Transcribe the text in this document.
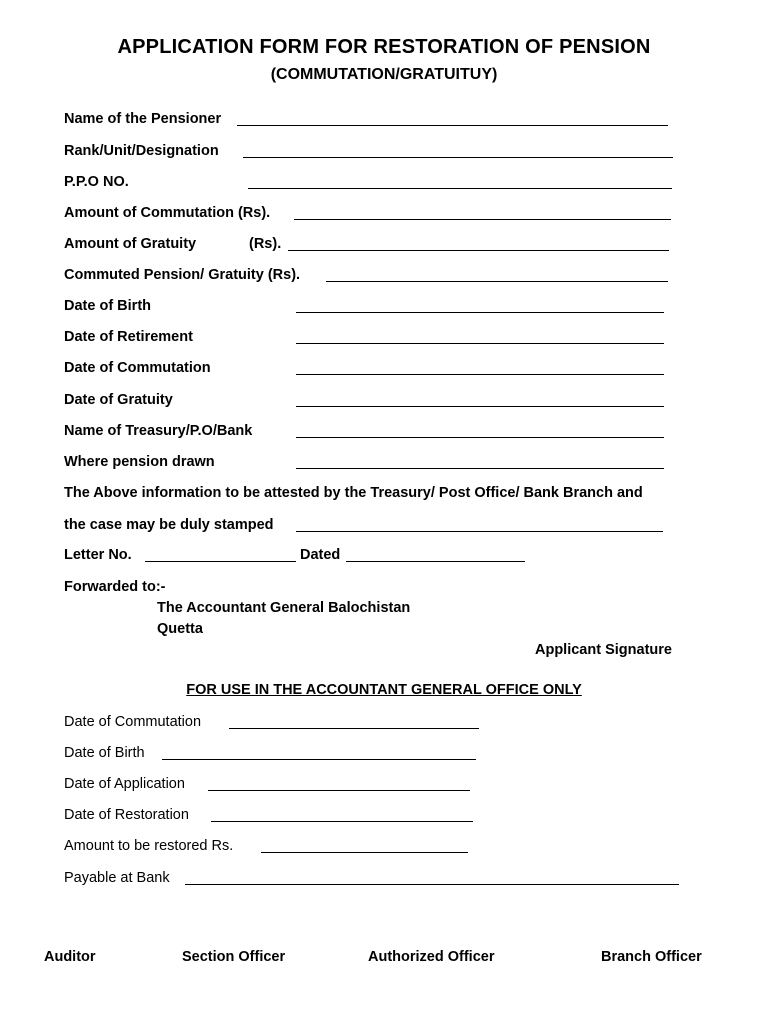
APPLICATION FORM FOR RESTORATION OF PENSION
(COMMUTATION/GRATUITUY)
Name of the Pensioner
Rank/Unit/Designation
P.P.O NO.
Amount of Commutation (Rs).
Amount of Gratuity	(Rs).
Commuted Pension/ Gratuity (Rs).
Date of Birth
Date of Retirement
Date of Commutation
Date of Gratuity
Name of Treasury/P.O/Bank
Where pension drawn
The Above information to be attested by the Treasury/ Post Office/ Bank Branch and
the case may be duly stamped
Letter No.	Dated
Forwarded to:-
The Accountant General Balochistan
Quetta
Applicant Signature
FOR USE IN THE ACCOUNTANT GENERAL OFFICE ONLY
Date of Commutation
Date of Birth
Date of Application
Date of Restoration
Amount to be restored Rs.
Payable at Bank
Auditor	Section Officer	Authorized Officer	Branch Officer
